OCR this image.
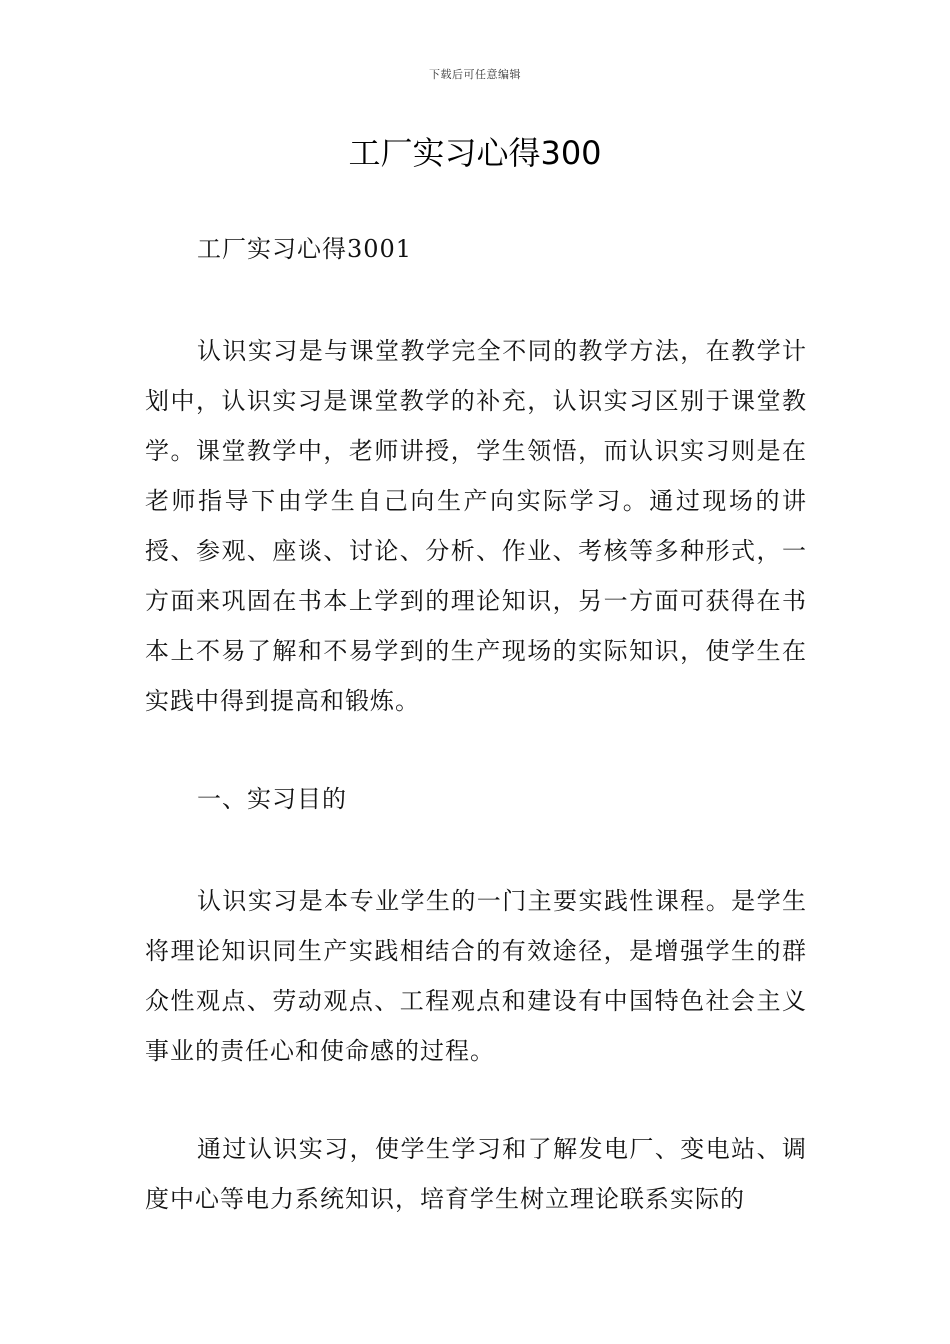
下载后可任意编辑
工厂实习心得300

工厂实习心得3001

认识实习是与课堂教学完全不同的教学方法，在教学计划中，认识实习是课堂教学的补充，认识实习区别于课堂教学。课堂教学中，老师讲授，学生领悟，而认识实习则是在老师指导下由学生自己向生产向实际学习。通过现场的讲授、参观、座谈、讨论、分析、作业、考核等多种形式，一方面来巩固在书本上学到的理论知识，另一方面可获得在书本上不易了解和不易学到的生产现场的实际知识，使学生在实践中得到提高和锻炼。

一、实习目的

认识实习是本专业学生的一门主要实践性课程。是学生将理论知识同生产实践相结合的有效途径，是增强学生的群众性观点、劳动观点、工程观点和建设有中国特色社会主义事业的责任心和使命感的过程。

通过认识实习，使学生学习和了解发电厂、变电站、调度中心等电力系统知识，培育学生树立理论联系实际的
